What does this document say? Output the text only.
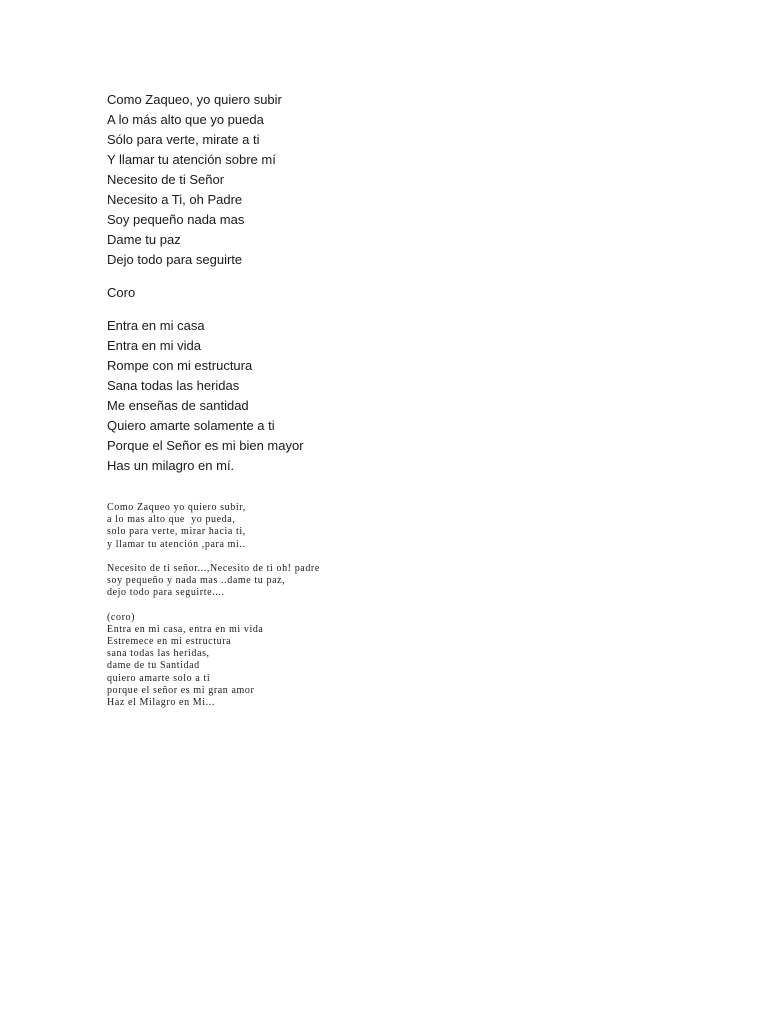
Como Zaqueo, yo quiero subir
A lo más alto que yo pueda
Sólo para verte, mirate a ti
Y llamar tu atención sobre mí
Necesito de ti Señor
Necesito a Ti, oh Padre
Soy pequeño nada mas
Dame tu paz
Dejo todo para seguirte
Coro
Entra en mi casa
Entra en mi vida
Rompe con mi estructura
Sana todas las heridas
Me enseñas de santidad
Quiero amarte solamente a ti
Porque el Señor es mi bien mayor
Has un milagro en mí.
Como Zaqueo yo quiero subir,
a lo mas alto que  yo pueda,
solo para verte, mirar hacia ti,
y llamar tu atención ,para mi..
Necesito de ti señor...,Necesito de ti oh! padre
soy pequeño y nada mas ..dame tu paz,
dejo todo para seguirte....
(coro)
Entra en mi casa, entra en mi vida
Estremece en mi estructura
sana todas las heridas,
dame de tu Santidad
quiero amarte solo a ti
porque el señor es mi gran amor
Haz el Milagro en Mi...
